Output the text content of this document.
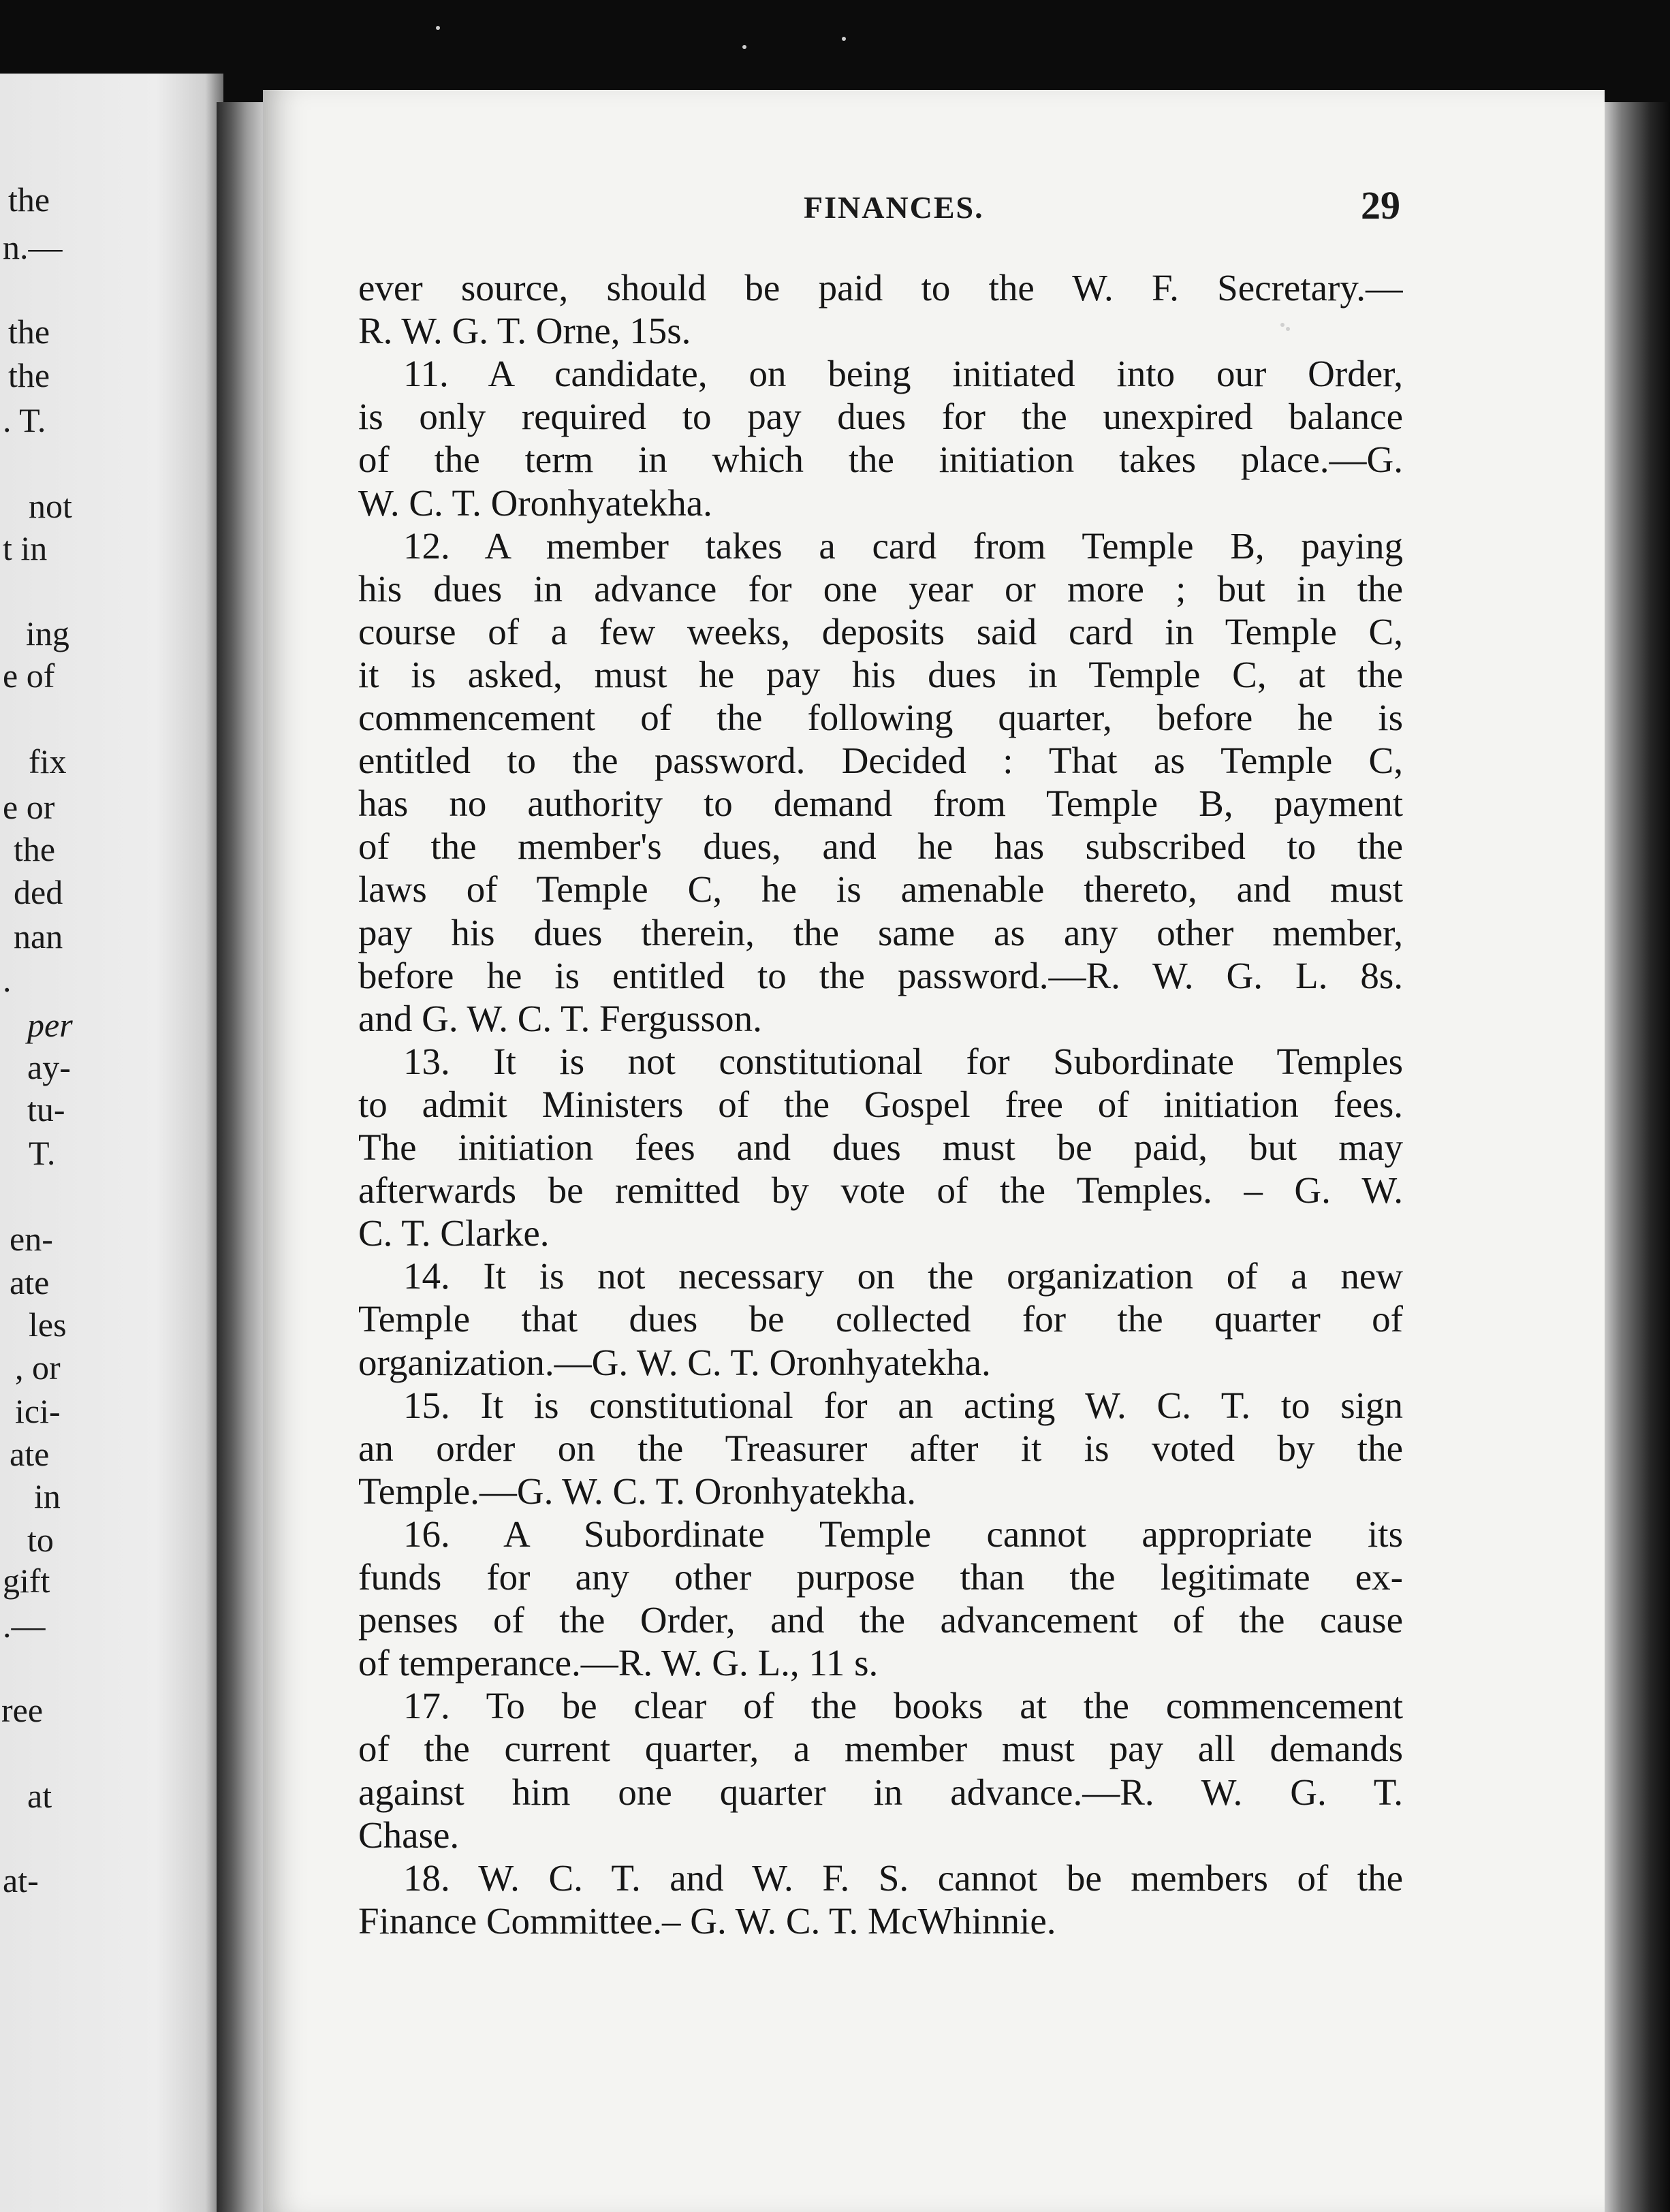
the
n.—
the
the
. T.
not
t in
ing
e of
fix
e or
the
ded
nan
.
per
ay-
tu-
T.
en-
ate
les
, or
ici-
ate
in
to
gift
.—
ree
at
at-
FINANCES.	29
ever source, should be paid to the W. F. Secretary.—
R. W. G. T. Orne, 15s.
11. A candidate, on being initiated into our Order,
is only required to pay dues for the unexpired balance
of the term in which the initiation takes place.—G.
W. C. T. Oronhyatekha.
12. A member takes a card from Temple B, paying
his dues in advance for one year or more ; but in the
course of a few weeks, deposits said card in Temple C,
it is asked, must he pay his dues in Temple C, at the
commencement of the following quarter, before he is
entitled to the password. Decided : That as Temple C,
has no authority to demand from Temple B, payment
of the member's dues, and he has subscribed to the
laws of Temple C, he is amenable thereto, and must
pay his dues therein, the same as any other member,
before he is entitled to the password.—R. W. G. L. 8s.
and G. W. C. T. Fergusson.
13. It is not constitutional for Subordinate Temples
to admit Ministers of the Gospel free of initiation fees.
The initiation fees and dues must be paid, but may
afterwards be remitted by vote of the Temples. – G. W.
C. T. Clarke.
14. It is not necessary on the organization of a new
Temple that dues be collected for the quarter of
organization.—G. W. C. T. Oronhyatekha.
15. It is constitutional for an acting W. C. T. to sign
an order on the Treasurer after it is voted by the
Temple.—G. W. C. T. Oronhyatekha.
16. A Subordinate Temple cannot appropriate its
funds for any other purpose than the legitimate ex-
penses of the Order, and the advancement of the cause
of temperance.—R. W. G. L., 11 s.
17. To be clear of the books at the commencement
of the current quarter, a member must pay all demands
against him one quarter in advance.—R. W. G. T.
Chase.
18. W. C. T. and W. F. S. cannot be members of the
Finance Committee.– G. W. C. T. McWhinnie.
